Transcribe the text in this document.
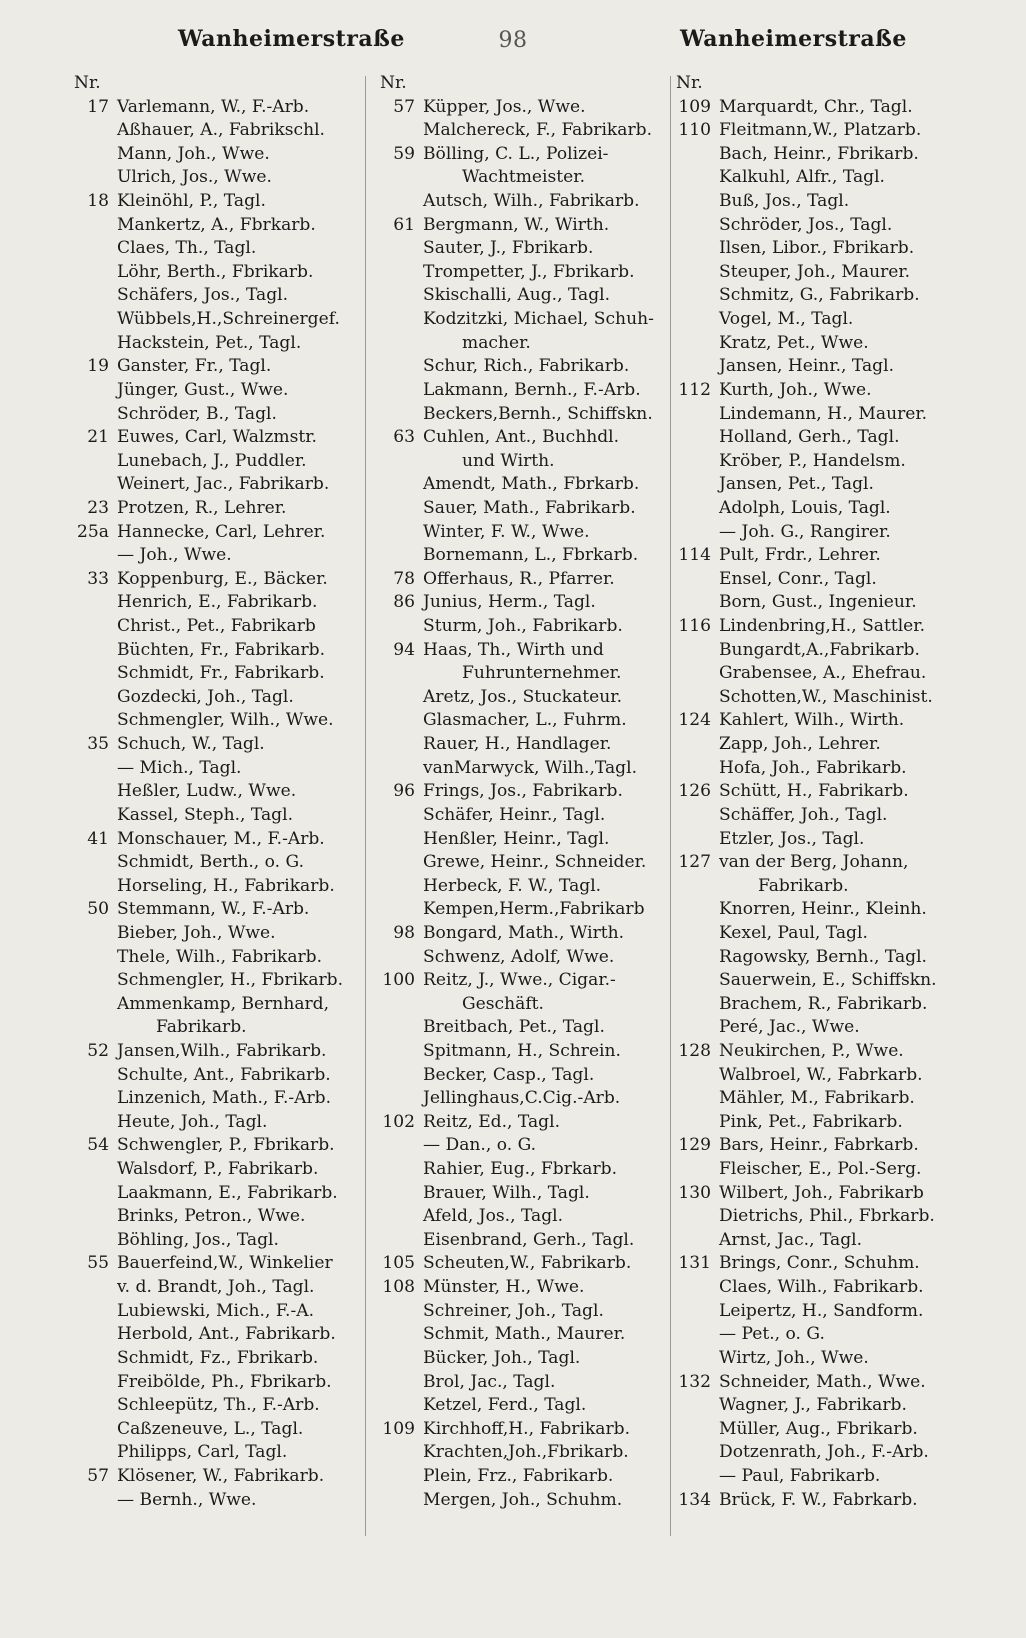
Wanheimerstraße	98	Wanheimerstraße
Nr.
17 Varlemann, W., F.-Arb.
Aßhauer, A., Fabrikschl.
Mann, Joh., Wwe.
Ulrich, Jos., Wwe.
18 Kleinöhl, P., Tagl.
Mankertz, A., Fbrkarb.
Claes, Th., Tagl.
Löhr, Berth., Fbrikarb.
Schäfers, Jos., Tagl.
Wübbels,H.,Schreinergef.
Hackstein, Pet., Tagl.
19 Ganster, Fr., Tagl.
Jünger, Gust., Wwe.
Schröder, B., Tagl.
21 Euwes, Carl, Walzmstr.
Lunebach, J., Puddler.
Weinert, Jac., Fabrikarb.
23 Protzen, R., Lehrer.
25a Hannecke, Carl, Lehrer.
— Joh., Wwe.
33 Koppenburg, E., Bäcker.
Henrich, E., Fabrikarb.
Christ., Pet., Fabrikarb
Büchten, Fr., Fabrikarb.
Schmidt, Fr., Fabrikarb.
Gozdecki, Joh., Tagl.
Schmengler, Wilh., Wwe.
35 Schuch, W., Tagl.
— Mich., Tagl.
Heßler, Ludw., Wwe.
Kassel, Steph., Tagl.
41 Monschauer, M., F.-Arb.
Schmidt, Berth., o. G.
Horseling, H., Fabrikarb.
50 Stemmann, W., F.-Arb.
Bieber, Joh., Wwe.
Thele, Wilh., Fabrikarb.
Schmengler, H., Fbrikarb.
Ammenkamp, Bernhard,
Fabrikarb.
52 Jansen,Wilh., Fabrikarb.
Schulte, Ant., Fabrikarb.
Linzenich, Math., F.-Arb.
Heute, Joh., Tagl.
54 Schwengler, P., Fbrikarb.
Walsdorf, P., Fabrikarb.
Laakmann, E., Fabrikarb.
Brinks, Petron., Wwe.
Böhling, Jos., Tagl.
55 Bauerfeind,W., Winkelier
v. d. Brandt, Joh., Tagl.
Lubiewski, Mich., F.-A.
Herbold, Ant., Fabrikarb.
Schmidt, Fz., Fbrikarb.
Freibölde, Ph., Fbrikarb.
Schleepütz, Th., F.-Arb.
Caßzeneuve, L., Tagl.
Philipps, Carl, Tagl.
57 Klösener, W., Fabrikarb.
— Bernh., Wwe.
Nr.
57 Küpper, Jos., Wwe.
Malchereck, F., Fabrikarb.
59 Bölling, C. L., Polizei-
Wachtmeister.
Autsch, Wilh., Fabrikarb.
61 Bergmann, W., Wirth.
Sauter, J., Fbrikarb.
Trompetter, J., Fbrikarb.
Skischalli, Aug., Tagl.
Kodzitzki, Michael, Schuh-
macher.
Schur, Rich., Fabrikarb.
Lakmann, Bernh., F.-Arb.
Beckers,Bernh., Schiffskn.
63 Cuhlen, Ant., Buchhdl.
und Wirth.
Amendt, Math., Fbrkarb.
Sauer, Math., Fabrikarb.
Winter, F. W., Wwe.
Bornemann, L., Fbrkarb.
78 Offerhaus, R., Pfarrer.
86 Junius, Herm., Tagl.
Sturm, Joh., Fabrikarb.
94 Haas, Th., Wirth und
Fuhrunternehmer.
Aretz, Jos., Stuckateur.
Glasmacher, L., Fuhrm.
Rauer, H., Handlager.
vanMarwyck, Wilh.,Tagl.
96 Frings, Jos., Fabrikarb.
Schäfer, Heinr., Tagl.
Henßler, Heinr., Tagl.
Grewe, Heinr., Schneider.
Herbeck, F. W., Tagl.
Kempen,Herm.,Fabrikarb
98 Bongard, Math., Wirth.
Schwenz, Adolf, Wwe.
100 Reitz, J., Wwe., Cigar.-
Geschäft.
Breitbach, Pet., Tagl.
Spitmann, H., Schrein.
Becker, Casp., Tagl.
Jellinghaus,C.Cig.-Arb.
102 Reitz, Ed., Tagl.
— Dan., o. G.
Rahier, Eug., Fbrkarb.
Brauer, Wilh., Tagl.
Afeld, Jos., Tagl.
Eisenbrand, Gerh., Tagl.
105 Scheuten,W., Fabrikarb.
108 Münster, H., Wwe.
Schreiner, Joh., Tagl.
Schmit, Math., Maurer.
Bücker, Joh., Tagl.
Brol, Jac., Tagl.
Ketzel, Ferd., Tagl.
109 Kirchhoff,H., Fabrikarb.
Krachten,Joh.,Fbrikarb.
Plein, Frz., Fabrikarb.
Mergen, Joh., Schuhm.
Nr.
109 Marquardt, Chr., Tagl.
110 Fleitmann,W., Platzarb.
Bach, Heinr., Fbrikarb.
Kalkuhl, Alfr., Tagl.
Buß, Jos., Tagl.
Schröder, Jos., Tagl.
Ilsen, Libor., Fbrikarb.
Steuper, Joh., Maurer.
Schmitz, G., Fabrikarb.
Vogel, M., Tagl.
Kratz, Pet., Wwe.
Jansen, Heinr., Tagl.
112 Kurth, Joh., Wwe.
Lindemann, H., Maurer.
Holland, Gerh., Tagl.
Kröber, P., Handelsm.
Jansen, Pet., Tagl.
Adolph, Louis, Tagl.
— Joh. G., Rangirer.
114 Pult, Frdr., Lehrer.
Ensel, Conr., Tagl.
Born, Gust., Ingenieur.
116 Lindenbring,H., Sattler.
Bungardt,A.,Fabrikarb.
Grabensee, A., Ehefrau.
Schotten,W., Maschinist.
124 Kahlert, Wilh., Wirth.
Zapp, Joh., Lehrer.
Hofa, Joh., Fabrikarb.
126 Schütt, H., Fabrikarb.
Schäffer, Joh., Tagl.
Etzler, Jos., Tagl.
127 van der Berg, Johann,
Fabrikarb.
Knorren, Heinr., Kleinh.
Kexel, Paul, Tagl.
Ragowsky, Bernh., Tagl.
Sauerwein, E., Schiffskn.
Brachem, R., Fabrikarb.
Peré, Jac., Wwe.
128 Neukirchen, P., Wwe.
Walbroel, W., Fabrkarb.
Mähler, M., Fabrikarb.
Pink, Pet., Fabrikarb.
129 Bars, Heinr., Fabrkarb.
Fleischer, E., Pol.-Serg.
130 Wilbert, Joh., Fabrikarb
Dietrichs, Phil., Fbrkarb.
Arnst, Jac., Tagl.
131 Brings, Conr., Schuhm.
Claes, Wilh., Fabrikarb.
Leipertz, H., Sandform.
— Pet., o. G.
Wirtz, Joh., Wwe.
132 Schneider, Math., Wwe.
Wagner, J., Fabrikarb.
Müller, Aug., Fbrikarb.
Dotzenrath, Joh., F.-Arb.
— Paul, Fabrikarb.
134 Brück, F. W., Fabrkarb.
